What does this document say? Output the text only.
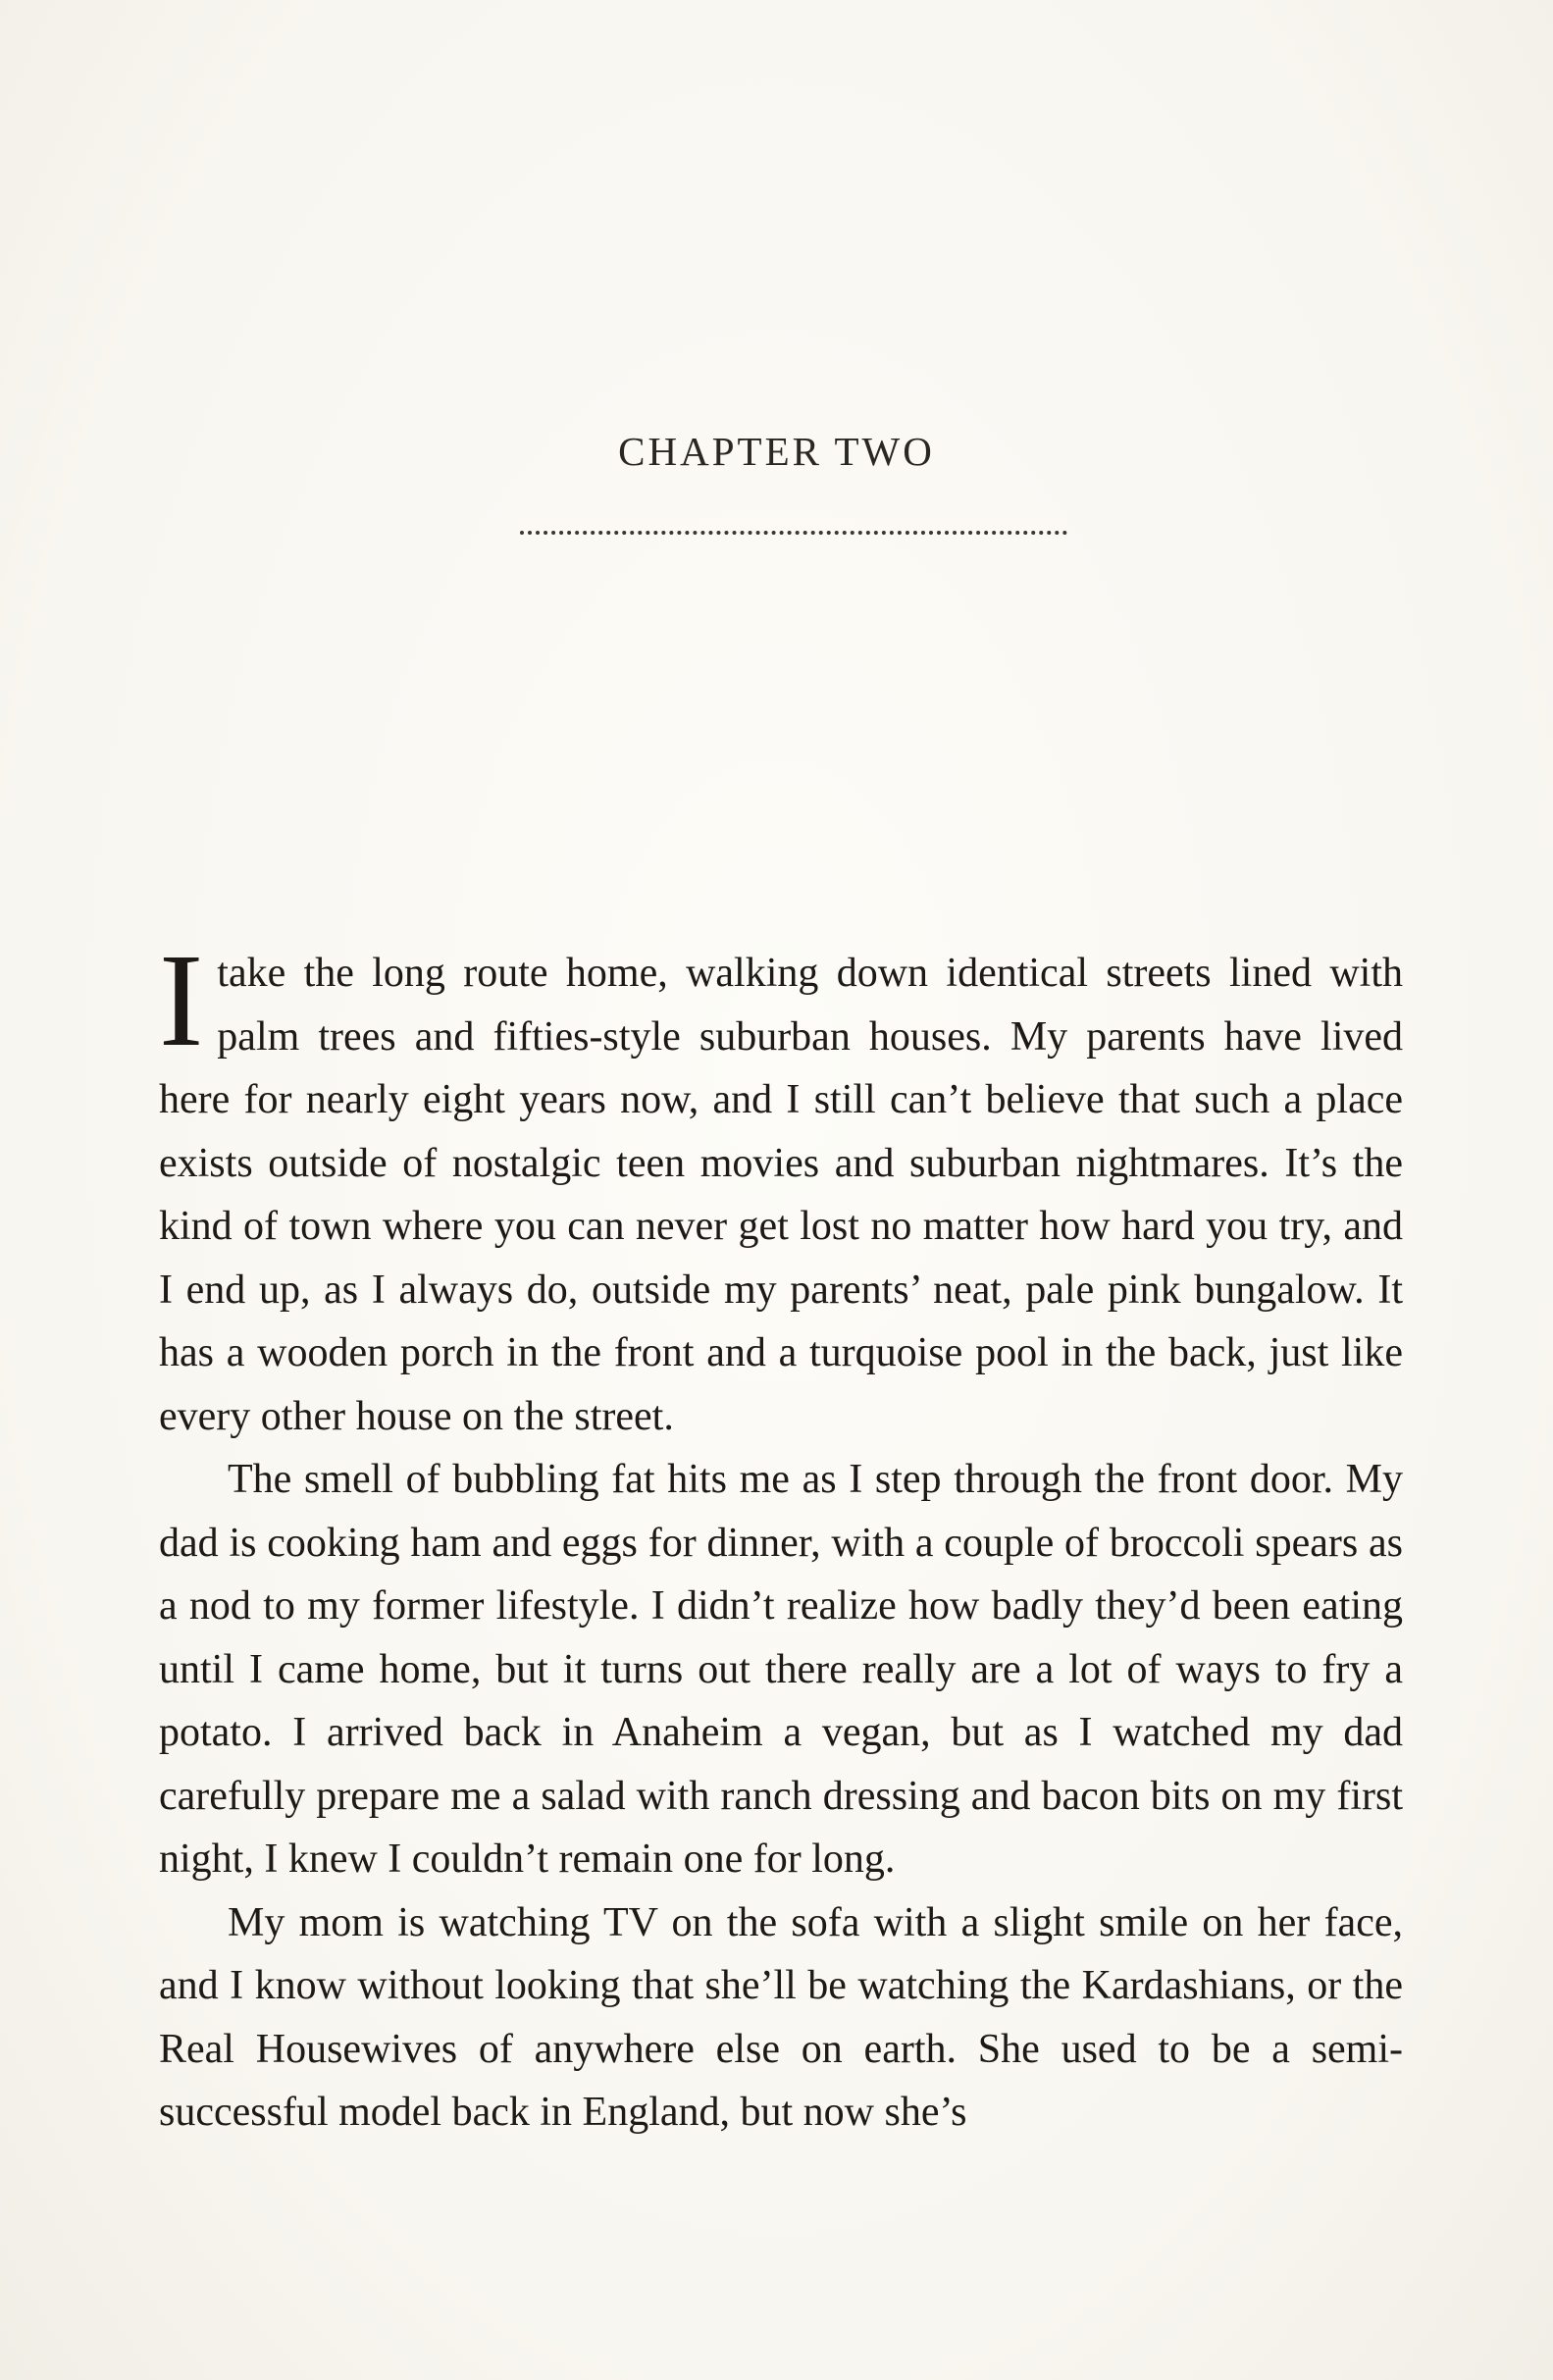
CHAPTER TWO

Itake the long route home, walking down identical streets lined with palm trees and fifties-style suburban houses. My parents have lived here for nearly eight years now, and I still can’t believe that such a place exists outside of nostalgic teen movies and suburban nightmares. It’s the kind of town where you can never get lost no matter how hard you try, and I end up, as I always do, outside my parents’ neat, pale pink bungalow. It has a wooden porch in the front and a turquoise pool in the back, just like every other house on the street.

The smell of bubbling fat hits me as I step through the front door. My dad is cooking ham and eggs for dinner, with a couple of broccoli spears as a nod to my former lifestyle. I didn’t realize how badly they’d been eating until I came home, but it turns out there really are a lot of ways to fry a potato. I arrived back in Anaheim a vegan, but as I watched my dad carefully prepare me a salad with ranch dressing and bacon bits on my first night, I knew I couldn’t remain one for long.

My mom is watching TV on the sofa with a slight smile on her face, and I know without looking that she’ll be watching the Kardashians, or the Real Housewives of anywhere else on earth. She used to be a semi-successful model back in England, but now she’s
